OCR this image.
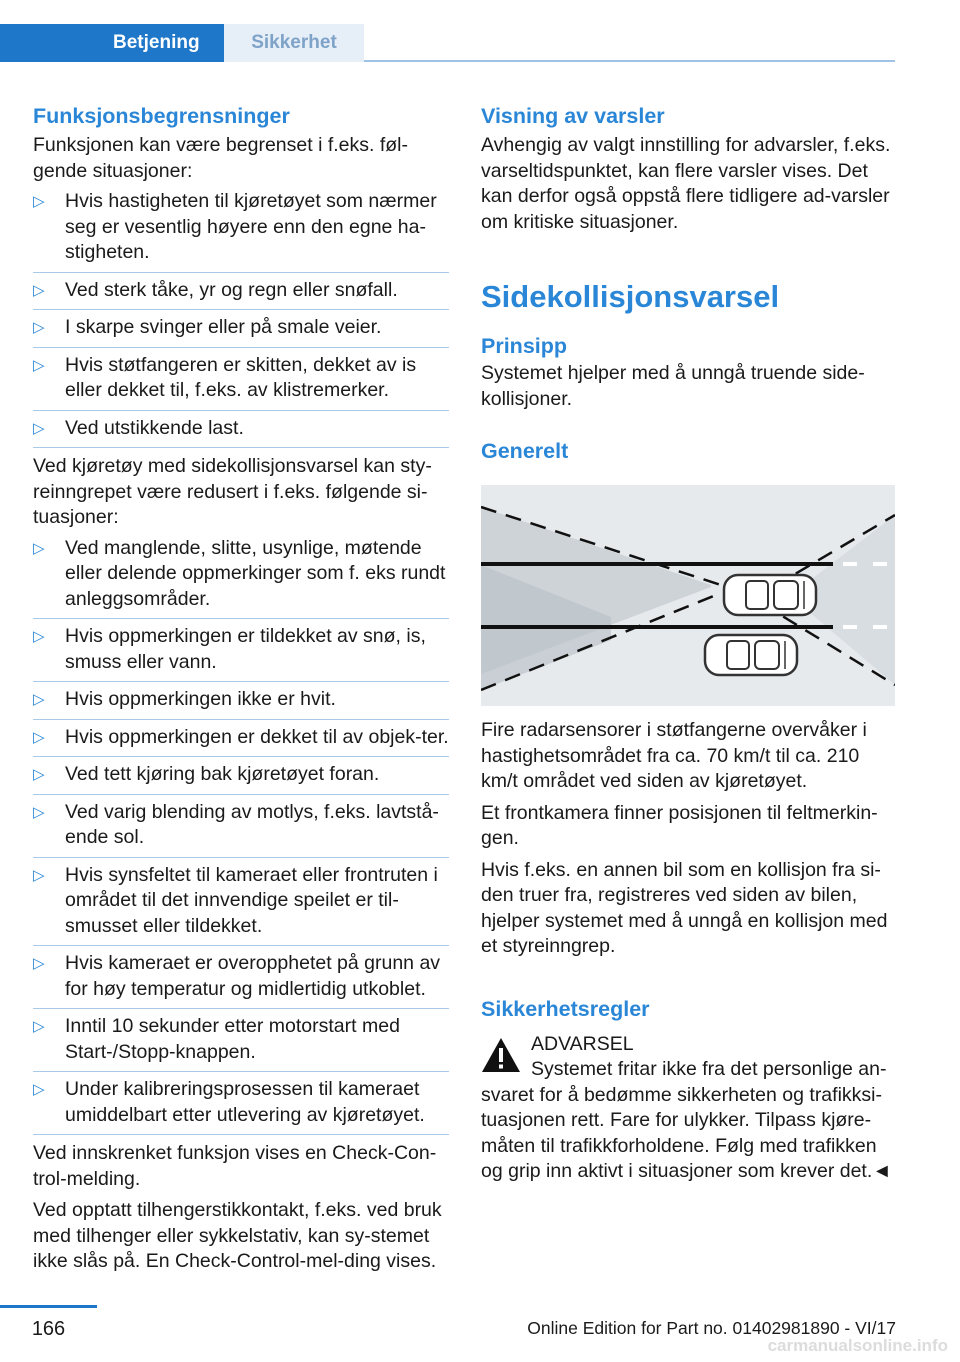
Betjening	Sikkerhet
Funksjonsbegrensninger

Funksjonen kan være begrenset i f.eks. føl-gende situasjoner:

▷ Hvis hastigheten til kjøretøyet som nærmer seg er vesentlig høyere enn den egne ha-stigheten.
▷ Ved sterk tåke, yr og regn eller snøfall.
▷ I skarpe svinger eller på smale veier.
▷ Hvis støtfangeren er skitten, dekket av is eller dekket til, f.eks. av klistremerker.
▷ Ved utstikkende last.

Ved kjøretøy med sidekollisjonsvarsel kan sty-reinngrepet være redusert i f.eks. følgende si-tuasjoner:

▷ Ved manglende, slitte, usynlige, møtende eller delende oppmerkinger som f. eks rundt anleggsområder.
▷ Hvis oppmerkingen er tildekket av snø, is, smuss eller vann.
▷ Hvis oppmerkingen ikke er hvit.
▷ Hvis oppmerkingen er dekket til av objek-ter.
▷ Ved tett kjøring bak kjøretøyet foran.
▷ Ved varig blending av motlys, f.eks. lavtstå-ende sol.
▷ Hvis synsfeltet til kameraet eller frontruten i området til det innvendige speilet er til-smusset eller tildekket.
▷ Hvis kameraet er overopphetet på grunn av for høy temperatur og midlertidig utkoblet.
▷ Inntil 10 sekunder etter motorstart med Start-/Stopp-knappen.
▷ Under kalibreringsprosessen til kameraet umiddelbart etter utlevering av kjøretøyet.

Ved innskrenket funksjon vises en Check-Con-trol-melding.

Ved opptatt tilhengerstikkontakt, f.eks. ved bruk med tilhenger eller sykkelstativ, kan sy-stemet ikke slås på. En Check-Control-mel-ding vises.

Visning av varsler

Avhengig av valgt innstilling for advarsler, f.eks. varseltidspunktet, kan flere varsler vises. Det kan derfor også oppstå flere tidligere ad-varsler om kritiske situasjoner.

Sidekollisjonsvarsel
Prinsipp

Systemet hjelper med å unngå truende side-kollisjoner.

Generelt

Fire radarsensorer i støtfangerne overvåker i hastighetsområdet fra ca. 70 km/t til ca. 210 km/t området ved siden av kjøretøyet.

Et frontkamera finner posisjonen til feltmerkin-gen.

Hvis f.eks. en annen bil som en kollisjon fra si-den truer fra, registreres ved siden av bilen, hjelper systemet med å unngå en kollisjon med et styreinngrep.

Sikkerhetsregler
ADVARSEL

Systemet fritar ikke fra det personlige an-svaret for å bedømme sikkerheten og trafikksi-tuasjonen rett. Fare for ulykker. Tilpass kjøre-måten til trafikkforholdene. Følg med trafikken og grip inn aktivt i situasjoner som krever det.◄

166	Online Edition for Part no. 01402981890 - VI/17
carmanualsonline.info
